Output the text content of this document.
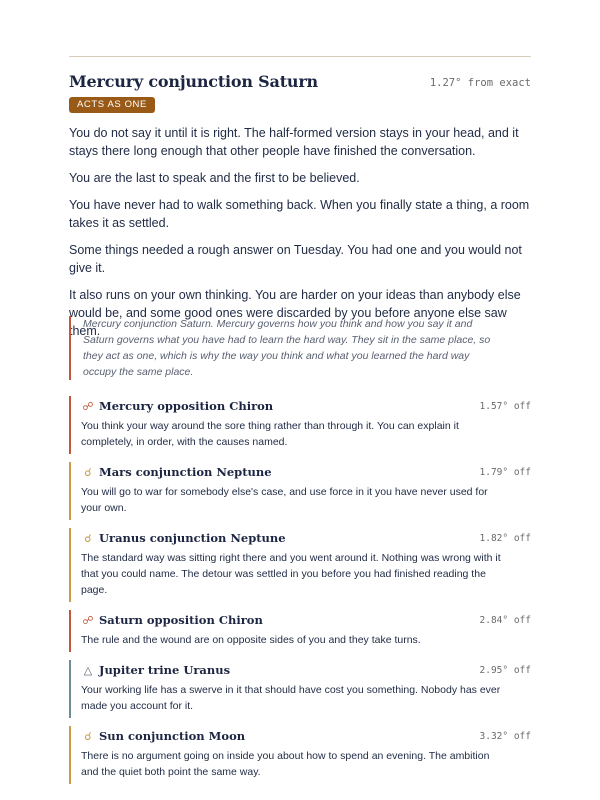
Mercury conjunction Saturn	1.27° from exact
ACTS AS ONE

You do not say it until it is right. The half-formed version stays in your head, and it stays there long enough that other people have finished the conversation.

You are the last to speak and the first to be believed.

You have never had to walk something back. When you finally state a thing, a room takes it as settled.

Some things needed a rough answer on Tuesday. You had one and you would not give it.

It also runs on your own thinking. You are harder on your ideas than anybody else would be, and some good ones were discarded by you before anyone else saw them.

Mercury conjunction Saturn. Mercury governs how you think and how you say it and Saturn governs what you have had to learn the hard way. They sit in the same place, so they act as one, which is why the way you think and what you learned the hard way occupy the same place.
☍ Mercury opposition Chiron	1.57° off
You think your way around the sore thing rather than through it. You can explain it completely, in order, with the causes named.
☌ Mars conjunction Neptune	1.79° off
You will go to war for somebody else's case, and use force in it you have never used for your own.
☌ Uranus conjunction Neptune	1.82° off
The standard way was sitting right there and you went around it. Nothing was wrong with it that you could name. The detour was settled in you before you had finished reading the page.
☍ Saturn opposition Chiron	2.84° off
The rule and the wound are on opposite sides of you and they take turns.
△ Jupiter trine Uranus	2.95° off
Your working life has a swerve in it that should have cost you something. Nobody has ever made you account for it.
☌ Sun conjunction Moon	3.32° off
There is no argument going on inside you about how to spend an evening. The ambition and the quiet both point the same way.
